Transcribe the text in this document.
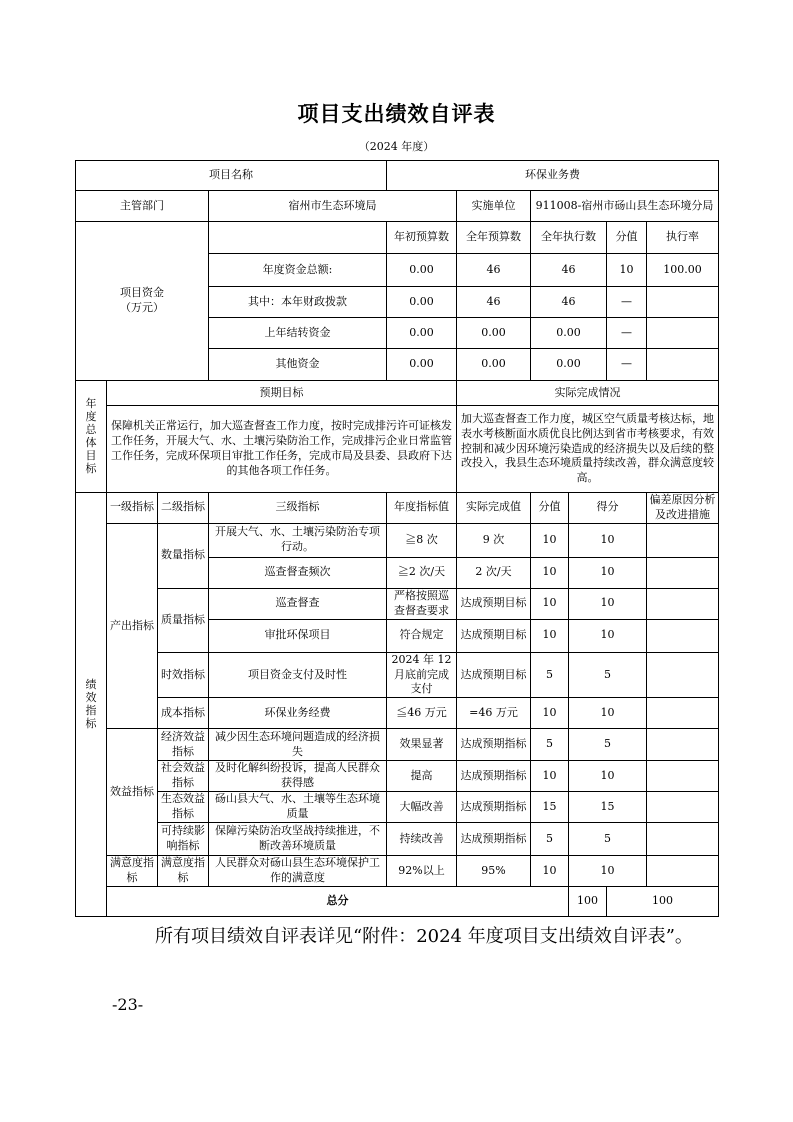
项目支出绩效自评表
（2024 年度）
项目名称				环保业务费						
主管部门			宿州市生态环境局		实施单位	911008-宿州市砀山县生态环境分局				
项目资金
（万元）				年初预算数	全年预算数	全年执行数		分值	执行率	
			年度资金总额:	0.00	46	46		10	100.00	
			其中：本年财政拨款	0.00	46	46		—		
			上年结转资金	0.00	0.00	0.00		—		
			其他资金	0.00	0.00	0.00		—		
年度总体目标	预期目标				实际完成情况					
	保障机关正常运行，加大巡查督查工作力度，按时完成排污许可证核发工作任务，开展大气、水、土壤污染防治工作，完成排污企业日常监管工作任务，完成环保项目审批工作任务，完成市局及县委、县政府下达的其他各项工作任务。				加大巡查督查工作力度，城区空气质量考核达标，地表水考核断面水质优良比例达到省市考核要求，有效控制和减少因环境污染造成的经济损失以及后续的整改投入，我县生态环境质量持续改善，群众满意度较高。					
绩效指标	一级指标	二级指标	三级指标	年度指标值	实际完成值	分值	得分		偏差原因分析及改进措施	
	产出指标	数量指标	开展大气、水、土壤污染防治专项行动。	≧8 次	9 次	10	10			
			巡查督查频次	≧2 次/天	2 次/天	10	10			
		质量指标	巡查督查	严格按照巡查督查要求	达成预期目标	10	10			
			审批环保项目	符合规定	达成预期目标	10	10			
		时效指标	项目资金支付及时性	2024 年 12 月底前完成支付	达成预期目标	5	5			
		成本指标	环保业务经费	≦46 万元	=46 万元	10	10			
	效益指标	经济效益指标	减少因生态环境问题造成的经济损失	效果显著	达成预期指标	5	5			
		社会效益指标	及时化解纠纷投诉，提高人民群众获得感	提高	达成预期指标	10	10			
		生态效益指标	砀山县大气、水、土壤等生态环境质量	大幅改善	达成预期指标	15	15			
		可持续影响指标	保障污染防治攻坚战持续推进，不断改善环境质量	持续改善	达成预期指标	5	5			
	满意度指标	满意度指标	人民群众对砀山县生态环境保护工作的满意度	92%以上	95%	10	10			
	总分						100	100		
所有项目绩效自评表详见“附件：2024 年度项目支出绩效自评表”。
-23-
